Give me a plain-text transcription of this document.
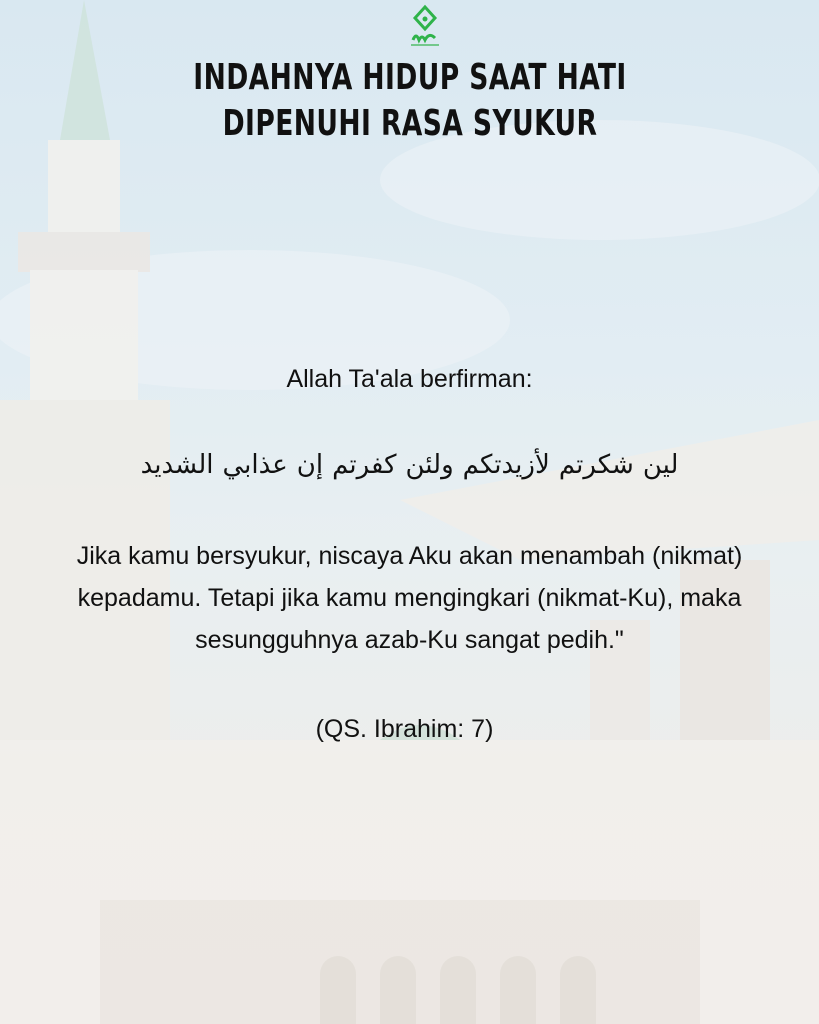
INDAHNYA HIDUP SAAT HATI DIPENUHI RASA SYUKUR
Allah Ta'ala berfirman:
الشديد عذابي إن كفرتم ولئن لأزيدتكم شكرتم لين
Jika kamu bersyukur, niscaya Aku akan menambah (nikmat) kepadamu. Tetapi jika kamu mengingkari (nikmat-Ku), maka sesungguhnya azab-Ku sangat pedih."
(QS. Ibrahim: 7)
